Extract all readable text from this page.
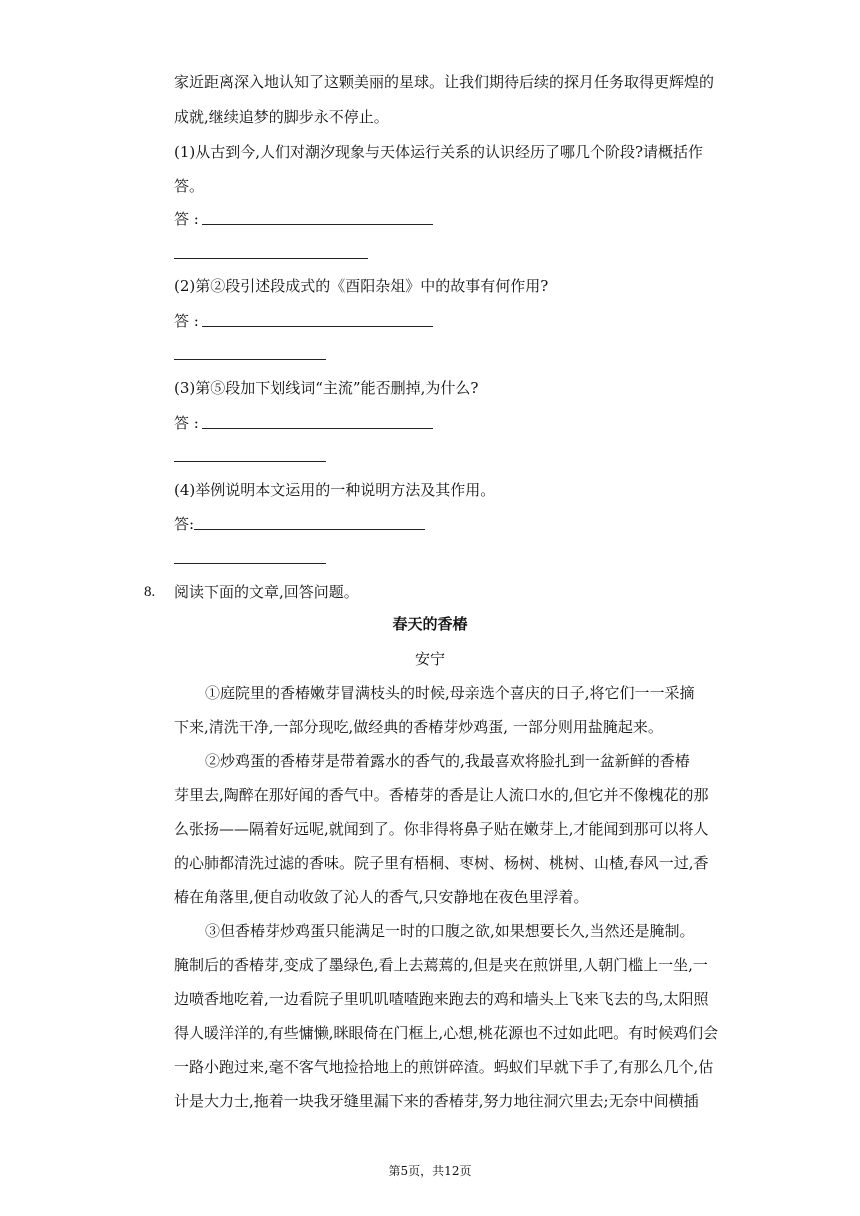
家近距离深入地认知了这颗美丽的星球。让我们期待后续的探月任务取得更辉煌的
成就,继续追梦的脚步永不停止。
(1)从古到今,人们对潮汐现象与天体运行关系的认识经历了哪几个阶段?请概括作
答。
答 :
(2)第②段引述段成式的《酉阳杂俎》中的故事有何作用?
答 :
(3)第⑤段加下划线词“主流”能否删掉,为什么?
答 :
(4)举例说明本文运用的一种说明方法及其作用。
答:
8. 阅读下面的文章,回答问题。
春天的香椿
安宁
①庭院里的香椿嫩芽冒满枝头的时候,母亲选个喜庆的日子,将它们一一采摘
下来,清洗干净,一部分现吃,做经典的香椿芽炒鸡蛋, 一部分则用盐腌起来。
②炒鸡蛋的香椿芽是带着露水的香气的,我最喜欢将脸扎到一盆新鲜的香椿
芽里去,陶醉在那好闻的香气中。香椿芽的香是让人流口水的,但它并不像槐花的那
么张扬——隔着好远呢,就闻到了。你非得将鼻子贴在嫩芽上,才能闻到那可以将人
的心肺都清洗过滤的香味。院子里有梧桐、枣树、杨树、桃树、山楂,春风一过,香
椿在角落里,便自动收敛了沁人的香气,只安静地在夜色里浮着。
③但香椿芽炒鸡蛋只能满足一时的口腹之欲,如果想要长久,当然还是腌制。
腌制后的香椿芽,变成了墨绿色,看上去蔫蔫的,但是夹在煎饼里,人朝门槛上一坐,一
边喷香地吃着,一边看院子里叽叽喳喳跑来跑去的鸡和墙头上飞来飞去的鸟,太阳照
得人暖洋洋的,有些慵懒,眯眼倚在门框上,心想,桃花源也不过如此吧。有时候鸡们会
一路小跑过来,毫不客气地捡拾地上的煎饼碎渣。蚂蚁们早就下手了,有那么几个,估
计是大力士,拖着一块我牙缝里漏下来的香椿芽,努力地往洞穴里去;无奈中间横插
第5页，共12页
